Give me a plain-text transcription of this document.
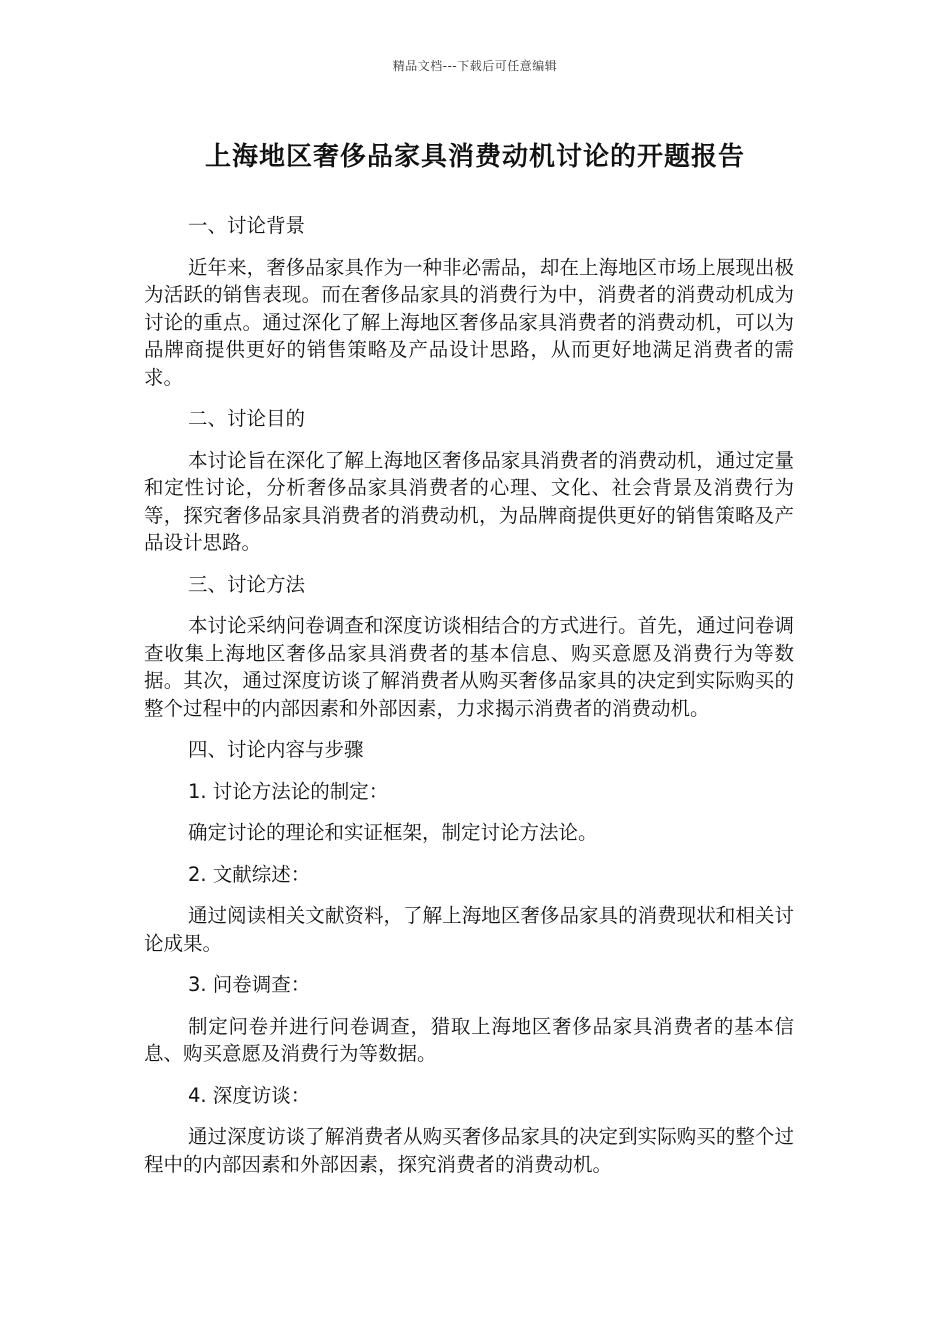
精品文档---下载后可任意编辑
上海地区奢侈品家具消费动机讨论的开题报告

一、讨论背景

近年来，奢侈品家具作为一种非必需品，却在上海地区市场上展现出极为活跃的销售表现。而在奢侈品家具的消费行为中，消费者的消费动机成为讨论的重点。通过深化了解上海地区奢侈品家具消费者的消费动机，可以为品牌商提供更好的销售策略及产品设计思路，从而更好地满足消费者的需求。

二、讨论目的

本讨论旨在深化了解上海地区奢侈品家具消费者的消费动机，通过定量和定性讨论，分析奢侈品家具消费者的心理、文化、社会背景及消费行为等，探究奢侈品家具消费者的消费动机，为品牌商提供更好的销售策略及产品设计思路。

三、讨论方法

本讨论采纳问卷调查和深度访谈相结合的方式进行。首先，通过问卷调查收集上海地区奢侈品家具消费者的基本信息、购买意愿及消费行为等数据。其次，通过深度访谈了解消费者从购买奢侈品家具的决定到实际购买的整个过程中的内部因素和外部因素，力求揭示消费者的消费动机。

四、讨论内容与步骤

1. 讨论方法论的制定：

确定讨论的理论和实证框架，制定讨论方法论。

2. 文献综述：

通过阅读相关文献资料，了解上海地区奢侈品家具的消费现状和相关讨论成果。

3. 问卷调查：

制定问卷并进行问卷调查，猎取上海地区奢侈品家具消费者的基本信息、购买意愿及消费行为等数据。

4. 深度访谈：

通过深度访谈了解消费者从购买奢侈品家具的决定到实际购买的整个过程中的内部因素和外部因素，探究消费者的消费动机。
